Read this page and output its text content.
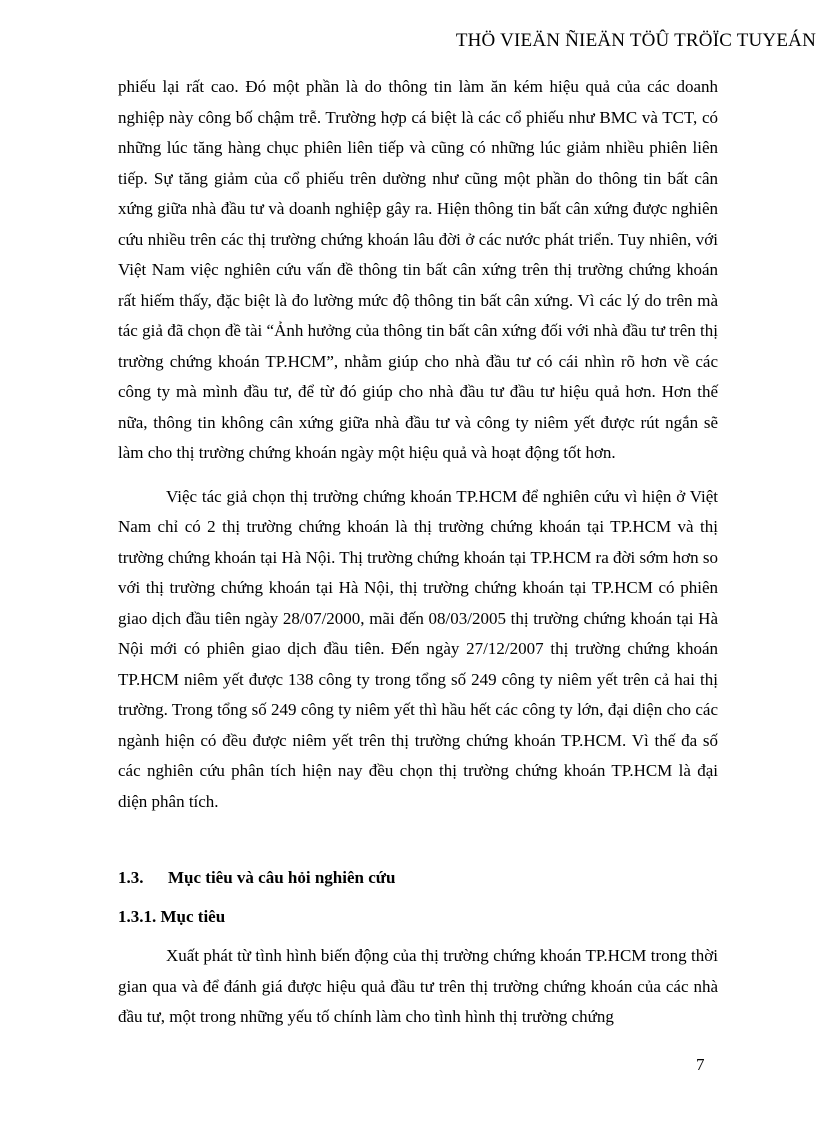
THÖ VIEÄN ÑIEÄN TÖÛ TRÖÏC TUYEÁN

phiếu lại rất cao. Đó một phần là do thông tin làm ăn kém hiệu quả của các doanh nghiệp này công bố chậm trễ. Trường hợp cá biệt là các cổ phiếu như BMC và TCT, có những lúc tăng hàng chục phiên liên tiếp và cũng có những lúc giảm nhiều phiên liên tiếp. Sự tăng giảm của cổ phiếu trên dường như cũng một phần do thông tin bất cân xứng giữa nhà đầu tư và doanh nghiệp gây ra. Hiện thông tin bất cân xứng được nghiên cứu nhiều trên các thị trường chứng khoán lâu đời ở các nước phát triển. Tuy nhiên, với Việt Nam việc nghiên cứu vấn đề thông tin bất cân xứng trên thị trường chứng khoán rất hiếm thấy, đặc biệt là đo lường mức độ thông tin bất cân xứng. Vì các lý do trên mà tác giả đã chọn đề tài “Ảnh hưởng của thông tin bất cân xứng đối với nhà đầu tư trên thị trường chứng khoán TP.HCM”, nhằm giúp cho nhà đầu tư có cái nhìn rõ hơn về các công ty mà mình đầu tư, để từ đó giúp cho nhà đầu tư đầu tư hiệu quả hơn. Hơn thế nữa, thông tin không cân xứng giữa nhà đầu tư và công ty niêm yết được rút ngắn sẽ làm cho thị trường chứng khoán ngày một hiệu quả và hoạt động tốt hơn.

Việc tác giả chọn thị trường chứng khoán TP.HCM để nghiên cứu vì hiện ở Việt Nam chỉ có 2 thị trường chứng khoán là thị trường chứng khoán tại TP.HCM và thị trường chứng khoán tại Hà Nội. Thị trường chứng khoán tại TP.HCM ra đời sớm hơn so với thị trường chứng khoán tại Hà Nội, thị trường chứng khoán tại TP.HCM có phiên giao dịch đầu tiên ngày 28/07/2000, mãi đến 08/03/2005 thị trường chứng khoán tại Hà Nội mới có phiên giao dịch đầu tiên. Đến ngày 27/12/2007 thị trường chứng khoán TP.HCM niêm yết được 138 công ty trong tổng số 249 công ty niêm yết trên cả hai thị trường. Trong tổng số 249 công ty niêm yết thì hầu hết các công ty lớn, đại diện cho các ngành hiện có đều được niêm yết trên thị trường chứng khoán TP.HCM. Vì thế đa số các nghiên cứu phân tích hiện nay đều chọn thị trường chứng khoán TP.HCM là đại diện phân tích.

1.3.	Mục tiêu và câu hỏi nghiên cứu
1.3.1. Mục tiêu

Xuất phát từ tình hình biến động của thị trường chứng khoán TP.HCM trong thời gian qua và để đánh giá được hiệu quả đầu tư trên thị trường chứng khoán của các nhà đầu tư, một trong những yếu tố chính làm cho tình hình thị trường chứng

7
